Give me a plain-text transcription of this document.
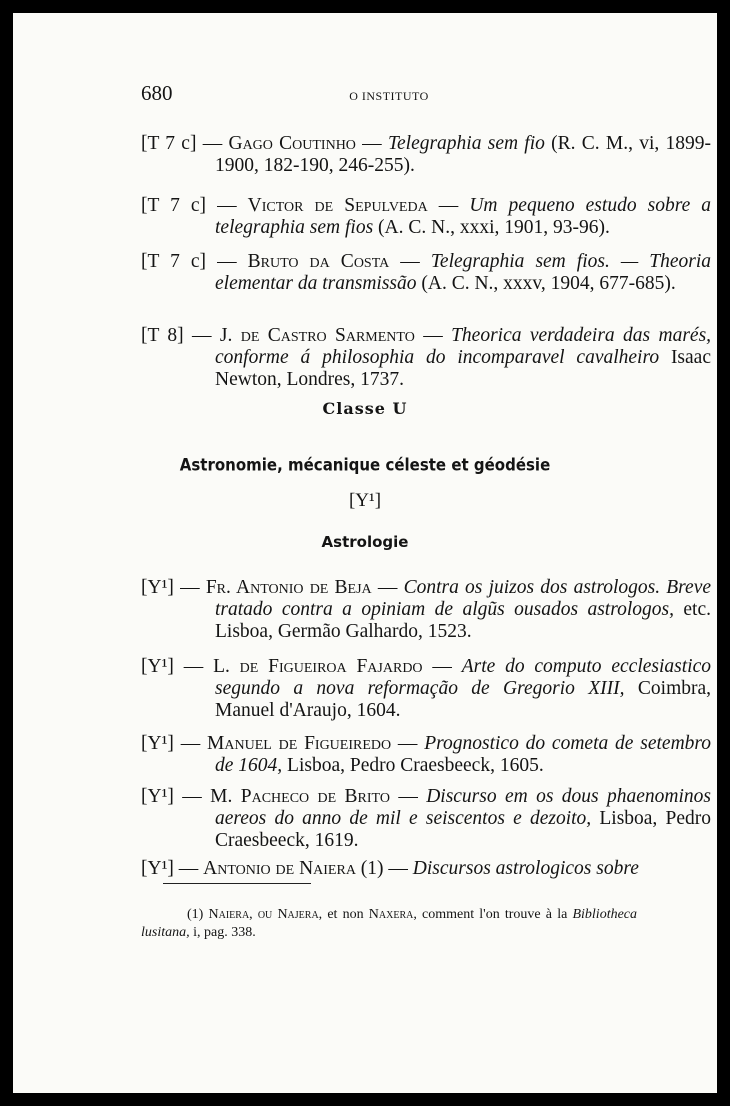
680	O INSTITUTO
[T 7 c] — Gago Coutinho — Telegraphia sem fio (R. C. M., vi, 1899-1900, 182-190, 246-255).
[T 7 c] — Victor de Sepulveda — Um pequeno estudo sobre a telegraphia sem fios (A. C. N., xxxi, 1901, 93-96).
[T 7 c] — Bruto da Costa — Telegraphia sem fios. — Theoria elementar da transmissão (A. C. N., xxxv, 1904, 677-685).
[T 8] — J. de Castro Sarmento — Theorica verdadeira das marés, conforme á philosophia do incomparavel cavalheiro Isaac Newton, Londres, 1737.
Classe U
Astronomie, mécanique céleste et géodésie
[Υ¹]
Astrologie
[Υ¹] — Fr. Antonio de Beja — Contra os juizos dos astrologos. Breve tratado contra a opiniam de algũs ousados astrologos, etc. Lisboa, Germão Galhardo, 1523.
[Υ¹] — L. de Figueiroa Fajardo — Arte do computo ecclesiastico segundo a nova reformação de Gregorio XIII, Coimbra, Manuel d'Araujo, 1604.
[Υ¹] — Manuel de Figueiredo — Prognostico do cometa de setembro de 1604, Lisboa, Pedro Craesbeeck, 1605.
[Υ¹] — M. Pacheco de Brito — Discurso em os dous phaenominos aereos do anno de mil e seiscentos e dezoito, Lisboa, Pedro Craesbeeck, 1619.
[Υ¹] — Antonio de Naiera (1) — Discursos astrologicos sobre
(1) Naiera, ou Najera, et non Naxera, comment l'on trouve à la Bibliotheca lusitana, i, pag. 338.
